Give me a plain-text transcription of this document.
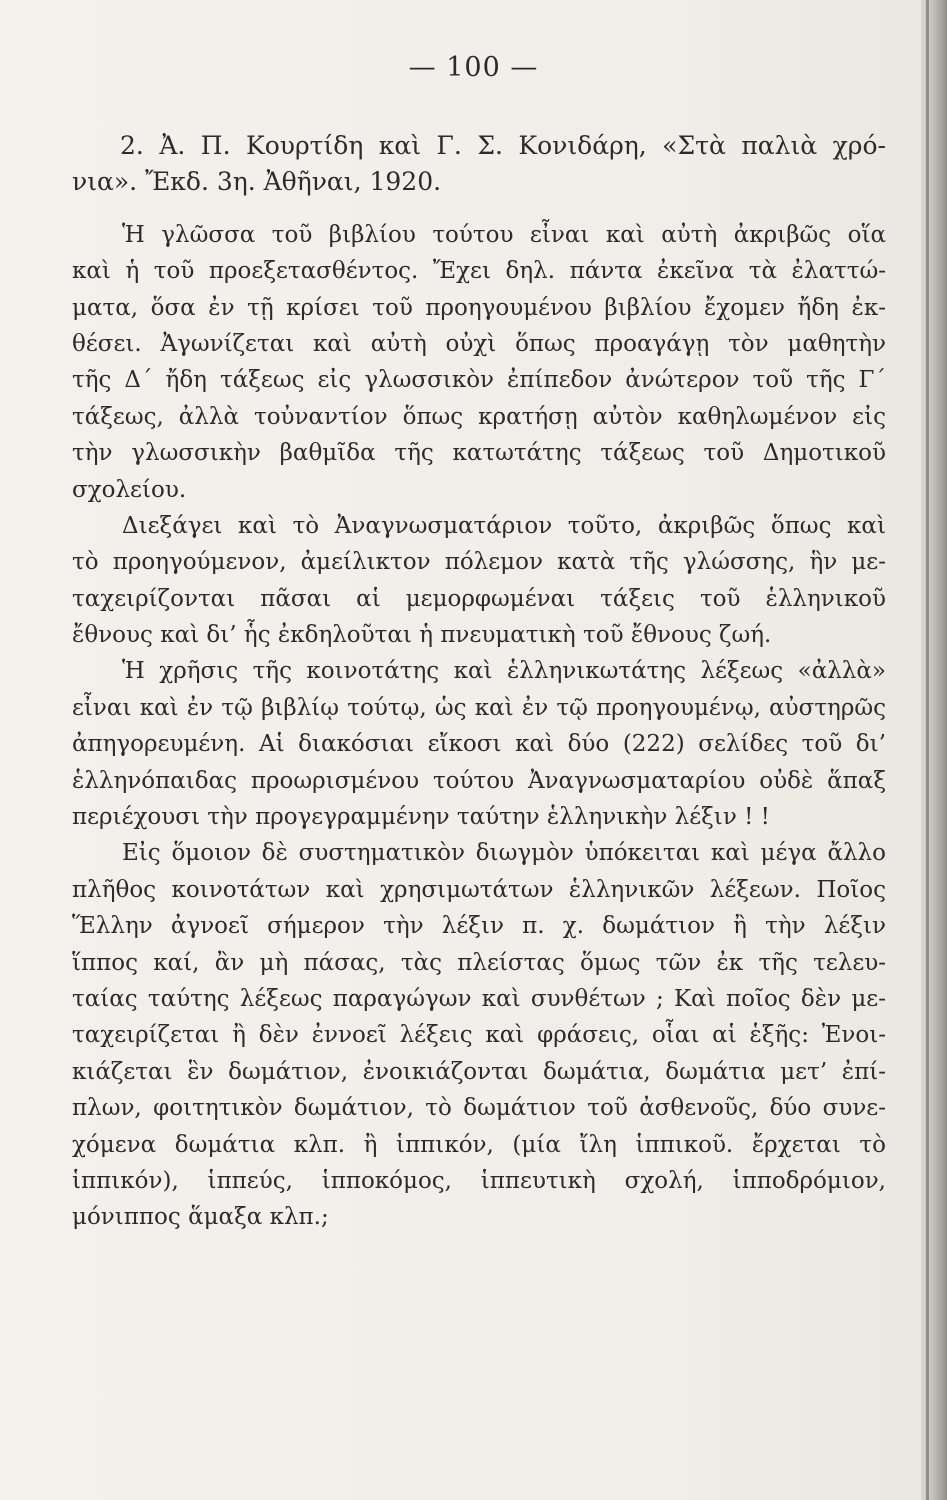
— 100 —
2. Ἀ. Π. Κουρτίδη καὶ Γ. Σ. Κονιδάρη, «Στὰ παλιὰ χρό-
νια». Ἔκδ. 3η. Ἀθῆναι, 1920.
Ἡ γλῶσσα τοῦ βιβλίου τούτου εἶναι καὶ αὐτὴ ἀκριβῶς οἵα
καὶ ἡ τοῦ προεξετασθέντος. Ἔχει δηλ. πάντα ἐκεῖνα τὰ ἐλαττώ-
ματα, ὅσα ἐν τῇ κρίσει τοῦ προηγουμένου βιβλίου ἔχομεν ἤδη ἐκ-
θέσει. Ἀγωνίζεται καὶ αὐτὴ οὐχὶ ὅπως προαγάγῃ τὸν μαθητὴν
τῆς Δ΄ ἤδη τάξεως εἰς γλωσσικὸν ἐπίπεδον ἀνώτερον τοῦ τῆς Γ΄
τάξεως, ἀλλὰ τοὐναντίον ὅπως κρατήσῃ αὐτὸν καθηλωμένον εἰς
τὴν γλωσσικὴν βαθμῖδα τῆς κατωτάτης τάξεως τοῦ Δημοτικοῦ
σχολείου.
Διεξάγει καὶ τὸ Ἀναγνωσματάριον τοῦτο, ἀκριβῶς ὅπως καὶ
τὸ προηγούμενον, ἀμείλικτον πόλεμον κατὰ τῆς γλώσσης, ἣν με-
ταχειρίζονται πᾶσαι αἱ μεμορφωμέναι τάξεις τοῦ ἑλληνικοῦ
ἔθνους καὶ δι’ ἧς ἐκδηλοῦται ἡ πνευματικὴ τοῦ ἔθνους ζωή.
Ἡ χρῆσις τῆς κοινοτάτης καὶ ἑλληνικωτάτης λέξεως «ἀλλὰ»
εἶναι καὶ ἐν τῷ βιβλίῳ τούτῳ, ὡς καὶ ἐν τῷ προηγουμένῳ, αὐστηρῶς
ἀπηγορευμένη. Αἱ διακόσιαι εἴκοσι καὶ δύο (222) σελίδες τοῦ δι’
ἑλληνόπαιδας προωρισμένου τούτου Ἀναγνωσματαρίου οὐδὲ ἅπαξ
περιέχουσι τὴν προγεγραμμένην ταύτην ἑλληνικὴν λέξιν ! !
Εἰς ὅμοιον δὲ συστηματικὸν διωγμὸν ὑπόκειται καὶ μέγα ἄλλο
πλῆθος κοινοτάτων καὶ χρησιμωτάτων ἑλληνικῶν λέξεων. Ποῖος
Ἕλλην ἀγνοεῖ σήμερον τὴν λέξιν π. χ. δωμάτιον ἢ τὴν λέξιν
ἵππος καί, ἂν μὴ πάσας, τὰς πλείστας ὅμως τῶν ἐκ τῆς τελευ-
ταίας ταύτης λέξεως παραγώγων καὶ συνθέτων ; Καὶ ποῖος δὲν με-
ταχειρίζεται ἢ δὲν ἐννοεῖ λέξεις καὶ φράσεις, οἷαι αἱ ἑξῆς: Ἐνοι-
κιάζεται ἓν δωμάτιον, ἐνοικιάζονται δωμάτια, δωμάτια μετ’ ἐπί-
πλων, φοιτητικὸν δωμάτιον, τὸ δωμάτιον τοῦ ἀσθενοῦς, δύο συνε-
χόμενα δωμάτια κλπ. ἢ ἱππικόν, (μία ἴλη ἱππικοῦ. ἔρχεται τὸ
ἱππικόν), ἱππεύς, ἱπποκόμος, ἱππευτικὴ σχολή, ἱπποδρόμιον,
μόνιππος ἅμαξα κλπ.;
